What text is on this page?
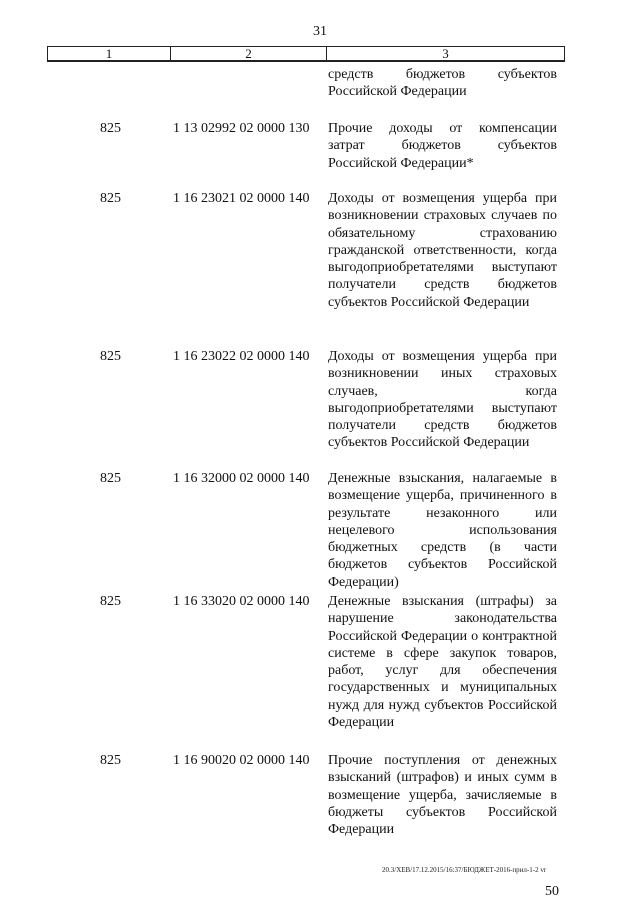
31
1	2	3
средств бюджетов субъектов Российской Федерации
825	1 13 02992 02 0000 130 Прочие доходы от компенсации затрат бюджетов субъектов Российской Федерации*
825	1 16 23021 02 0000 140 Доходы от возмещения ущерба при возникновении страховых случаев по обязательному страхованию гражданской ответственности, когда выгодоприобретателями выступают получатели средств бюджетов субъектов Российской Федерации
825	1 16 23022 02 0000 140 Доходы от возмещения ущерба при возникновении иных страховых случаев, когда выгодоприобретателями выступают получатели средств бюджетов субъектов Российской Федерации
825	1 16 32000 02 0000 140 Денежные взыскания, налагаемые в возмещение ущерба, причиненного в результате незаконного или нецелевого использования бюджетных средств (в части бюджетов субъектов Российской Федерации)
825	1 16 33020 02 0000 140 Денежные взыскания (штрафы) за нарушение законодательства Российской Федерации о контрактной системе в сфере закупок товаров, работ, услуг для обеспечения государственных и муниципальных нужд для нужд субъектов Российской Федерации
825	1 16 90020 02 0000 140 Прочие поступления от денежных взысканий (штрафов) и иных сумм в возмещение ущерба, зачисляемые в бюджеты субъектов Российской Федерации
20.3/ХЕВ/17.12.2015/16:37/БЮДЖЕТ-2016-прил-1-2 vr
50
